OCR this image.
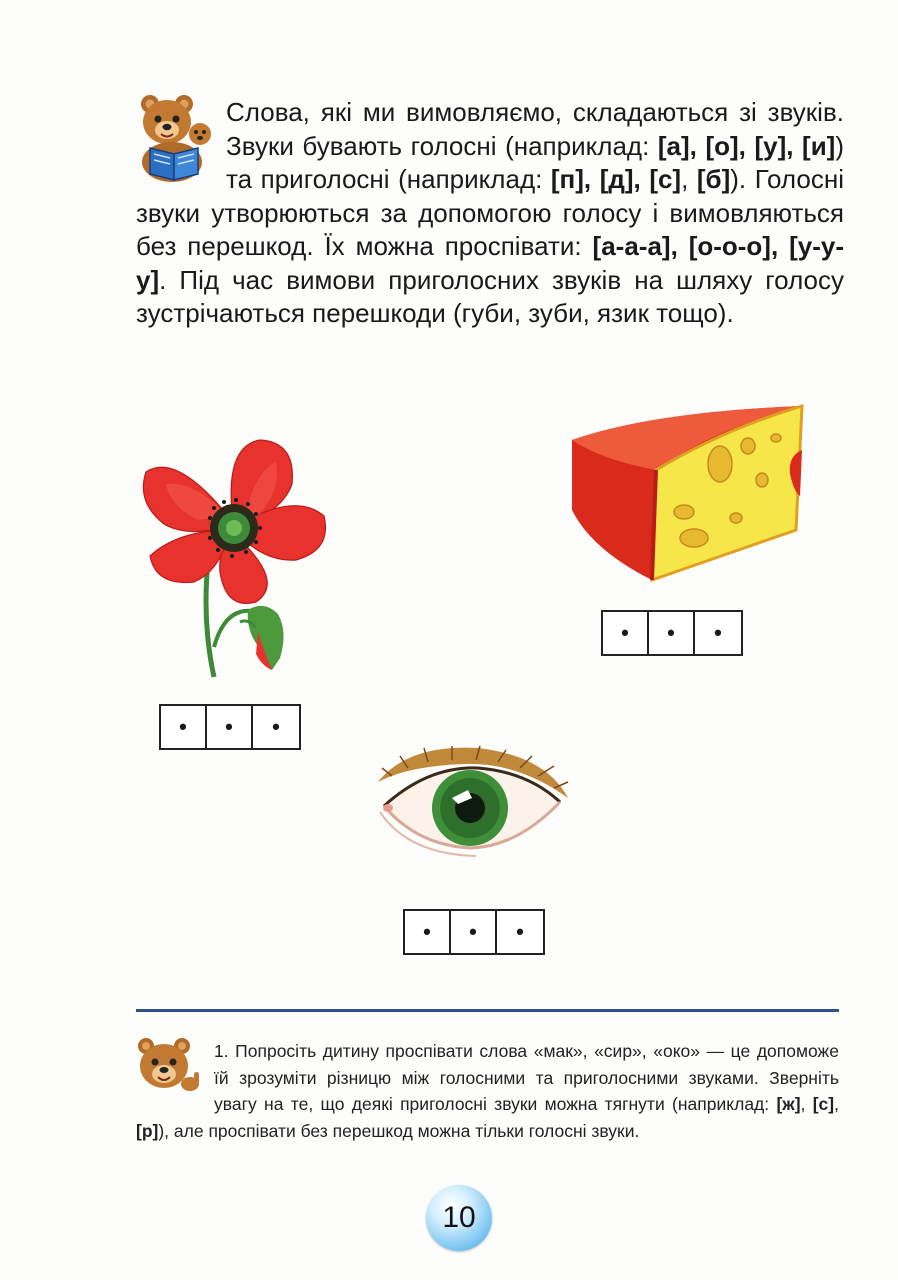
Слова, які ми вимовляємо, складаються зі звуків. Звуки бувають голосні (наприклад: [а], [о], [у], [и]) та приголосні (наприклад: [п], [д], [с], [б]). Голосні звуки утворюються за допомогою голосу і вимовляються без перешкод. Їх можна проспівати: [а-а-а], [о-о-о], [у-у-у]. Під час вимови приголосних звуків на шляху голосу зустрічаються перешкоди (губи, зуби, язик тощо).
•	•	•
•	•	•
•	•	•
1. Попросіть дитину проспівати слова «мак», «сир», «око» — це допоможе їй зрозуміти різницю між голосними та приголосними звуками. Зверніть увагу на те, що деякі приголосні звуки можна тягнути (наприклад: [ж], [с], [р]), але проспівати без перешкод можна тільки голосні звуки.
10
